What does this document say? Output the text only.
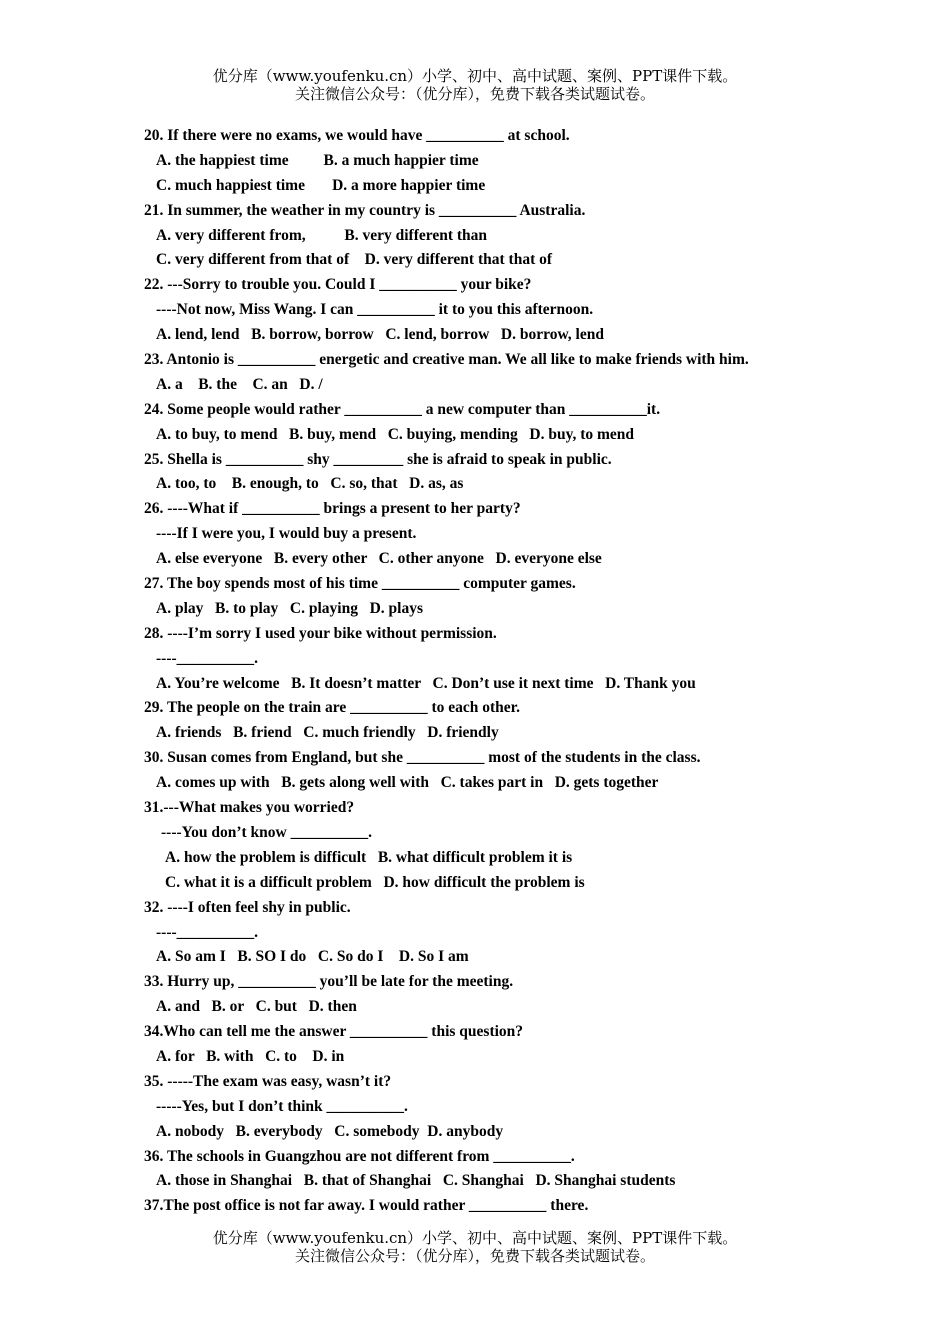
优分库（www.youfenku.cn）小学、初中、高中试题、案例、PPT课件下载。
关注微信公众号：（优分库），免费下载各类试题试卷。
20. If there were no exams, we would have __________ at school.
A. the happiest time         B. a much happier time
C. much happiest time       D. a more happier time
21. In summer, the weather in my country is __________ Australia.
A. very different from,          B. very different than
C. very different from that of    D. very different that that of
22. ---Sorry to trouble you. Could I __________ your bike?
----Not now, Miss Wang. I can __________ it to you this afternoon.
A. lend, lend   B. borrow, borrow   C. lend, borrow   D. borrow, lend
23. Antonio is __________ energetic and creative man. We all like to make friends with him.
A. a    B. the    C. an   D. /
24. Some people would rather __________ a new computer than __________it.
A. to buy, to mend   B. buy, mend   C. buying, mending   D. buy, to mend
25. Shella is __________ shy _________ she is afraid to speak in public.
A. too, to    B. enough, to   C. so, that   D. as, as
26. ----What if __________ brings a present to her party?
----If I were you, I would buy a present.
A. else everyone   B. every other   C. other anyone   D. everyone else
27. The boy spends most of his time __________ computer games.
A. play   B. to play   C. playing   D. plays
28. ----I’m sorry I used your bike without permission.
----__________.
A. You’re welcome   B. It doesn’t matter   C. Don’t use it next time   D. Thank you
29. The people on the train are __________ to each other.
A. friends   B. friend   C. much friendly   D. friendly
30. Susan comes from England, but she __________ most of the students in the class.
A. comes up with   B. gets along well with   C. takes part in   D. gets together
31.---What makes you worried?
----You don’t know __________.
A. how the problem is difficult   B. what difficult problem it is
C. what it is a difficult problem   D. how difficult the problem is
32. ----I often feel shy in public.
----__________.
A. So am I   B. SO I do   C. So do I    D. So I am
33. Hurry up, __________ you’ll be late for the meeting.
A. and   B. or   C. but   D. then
34.Who can tell me the answer __________ this question?
A. for   B. with   C. to    D. in
35. -----The exam was easy, wasn’t it?
-----Yes, but I don’t think __________.
A. nobody   B. everybody   C. somebody  D. anybody
36. The schools in Guangzhou are not different from __________.
A. those in Shanghai   B. that of Shanghai   C. Shanghai   D. Shanghai students
37.The post office is not far away. I would rather __________ there.
优分库（www.youfenku.cn）小学、初中、高中试题、案例、PPT课件下载。
关注微信公众号：（优分库），免费下载各类试题试卷。
